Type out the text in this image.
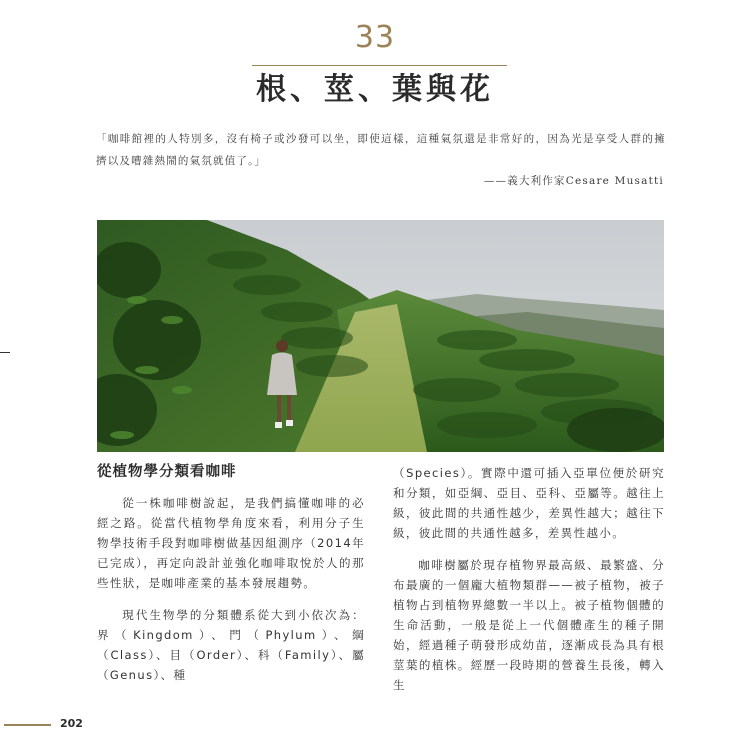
33
根、莖、葉與花
「咖啡館裡的人特別多，沒有椅子或沙發可以坐，即使這樣，這種氣氛還是非常好的，因為光是享受人群的擁擠以及嘈雜熱鬧的氣氛就值了。」
——義大利作家Cesare Musatti
從植物學分類看咖啡

從一株咖啡樹說起，是我們搞懂咖啡的必經之路。從當代植物學角度來看，利用分子生物學技術手段對咖啡樹做基因組測序（2014年已完成），再定向設計並強化咖啡取悅於人的那些性狀，是咖啡產業的基本發展趨勢。

現代生物學的分類體系從大到小依次為：界（Kingdom）、門（Phylum）、綱（Class）、目（Order）、科（Family）、屬（Genus）、種

（Species）。實際中還可插入亞單位便於研究和分類，如亞綱、亞目、亞科、亞屬等。越往上級，彼此間的共通性越少，差異性越大；越往下級，彼此間的共通性越多，差異性越小。

咖啡樹屬於現存植物界最高級、最繁盛、分布最廣的一個龐大植物類群——被子植物，被子植物占到植物界總數一半以上。被子植物個體的生命活動，一般是從上一代個體產生的種子開始，經過種子萌發形成幼苗，逐漸成長為具有根莖葉的植株。經歷一段時期的營養生長後，轉入生

202
